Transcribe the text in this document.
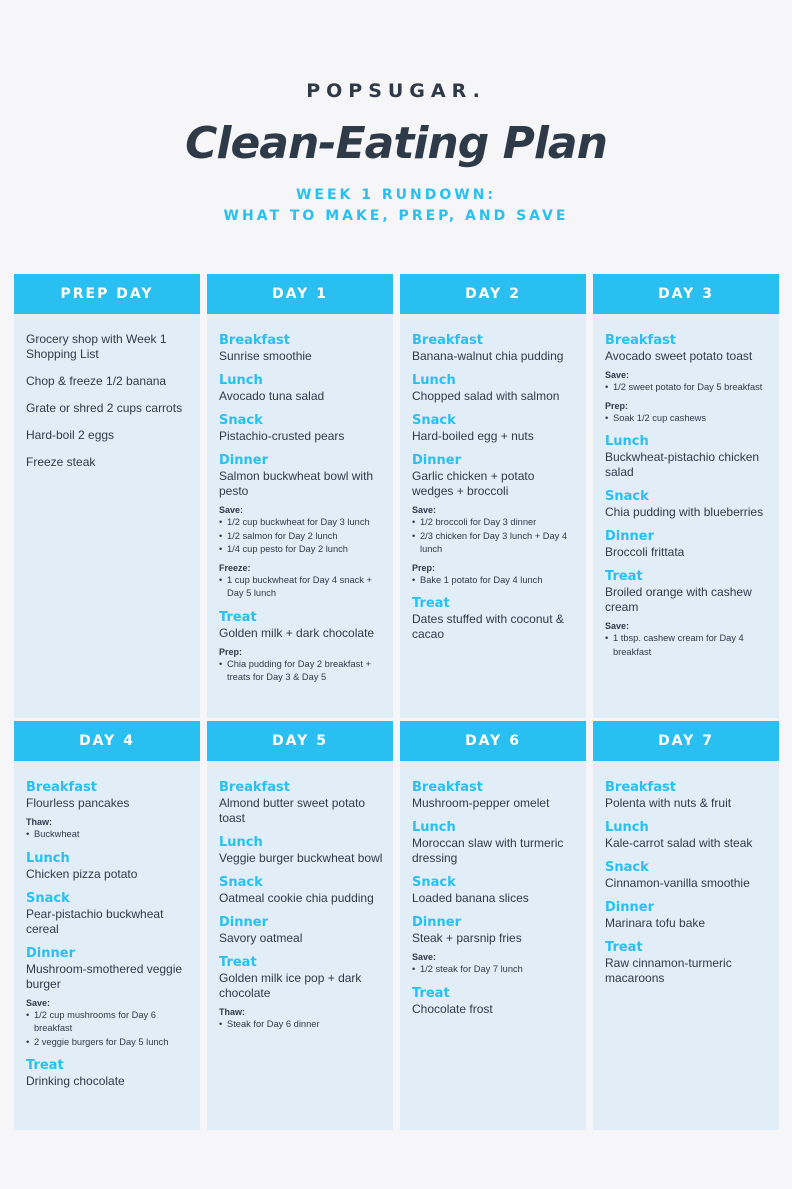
POPSUGAR.
Clean-Eating Plan
WEEK 1 RUNDOWN:
WHAT TO MAKE, PREP, AND SAVE
PREP DAY
Grocery shop with Week 1 Shopping List
Chop & freeze 1/2 banana
Grate or shred 2 cups carrots
Hard-boil 2 eggs
Freeze steak
DAY 1
Breakfast
Sunrise smoothie
Lunch
Avocado tuna salad
Snack
Pistachio-crusted pears
Dinner
Salmon buckwheat bowl with pesto
Save:
• 1/2 cup buckwheat for Day 3 lunch
• 1/2 salmon for Day 2 lunch
• 1/4 cup pesto for Day 2 lunch
Freeze:
• 1 cup buckwheat for Day 4 snack + Day 5 lunch
Treat
Golden milk + dark chocolate
Prep:
• Chia pudding for Day 2 breakfast + treats for Day 3 & Day 5
DAY 2
Breakfast
Banana-walnut chia pudding
Lunch
Chopped salad with salmon
Snack
Hard-boiled egg + nuts
Dinner
Garlic chicken + potato wedges + broccoli
Save:
• 1/2 broccoli for Day 3 dinner
• 2/3 chicken for Day 3 lunch + Day 4 lunch
Prep:
• Bake 1 potato for Day 4 lunch
Treat
Dates stuffed with coconut & cacao
DAY 3
Breakfast
Avocado sweet potato toast
Save:
• 1/2 sweet potato for Day 5 breakfast
Prep:
• Soak 1/2 cup cashews
Lunch
Buckwheat-pistachio chicken salad
Snack
Chia pudding with blueberries
Dinner
Broccoli frittata
Treat
Broiled orange with cashew cream
Save:
• 1 tbsp. cashew cream for Day 4 breakfast
DAY 4
Breakfast
Flourless pancakes
Thaw:
• Buckwheat
Lunch
Chicken pizza potato
Snack
Pear-pistachio buckwheat cereal
Dinner
Mushroom-smothered veggie burger
Save:
• 1/2 cup mushrooms for Day 6 breakfast
• 2 veggie burgers for Day 5 lunch
Treat
Drinking chocolate
DAY 5
Breakfast
Almond butter sweet potato toast
Lunch
Veggie burger buckwheat bowl
Snack
Oatmeal cookie chia pudding
Dinner
Savory oatmeal
Treat
Golden milk ice pop + dark chocolate
Thaw:
• Steak for Day 6 dinner
DAY 6
Breakfast
Mushroom-pepper omelet
Lunch
Moroccan slaw with turmeric dressing
Snack
Loaded banana slices
Dinner
Steak + parsnip fries
Save:
• 1/2 steak for Day 7 lunch
Treat
Chocolate frost
DAY 7
Breakfast
Polenta with nuts & fruit
Lunch
Kale-carrot salad with steak
Snack
Cinnamon-vanilla smoothie
Dinner
Marinara tofu bake
Treat
Raw cinnamon-turmeric macaroons
